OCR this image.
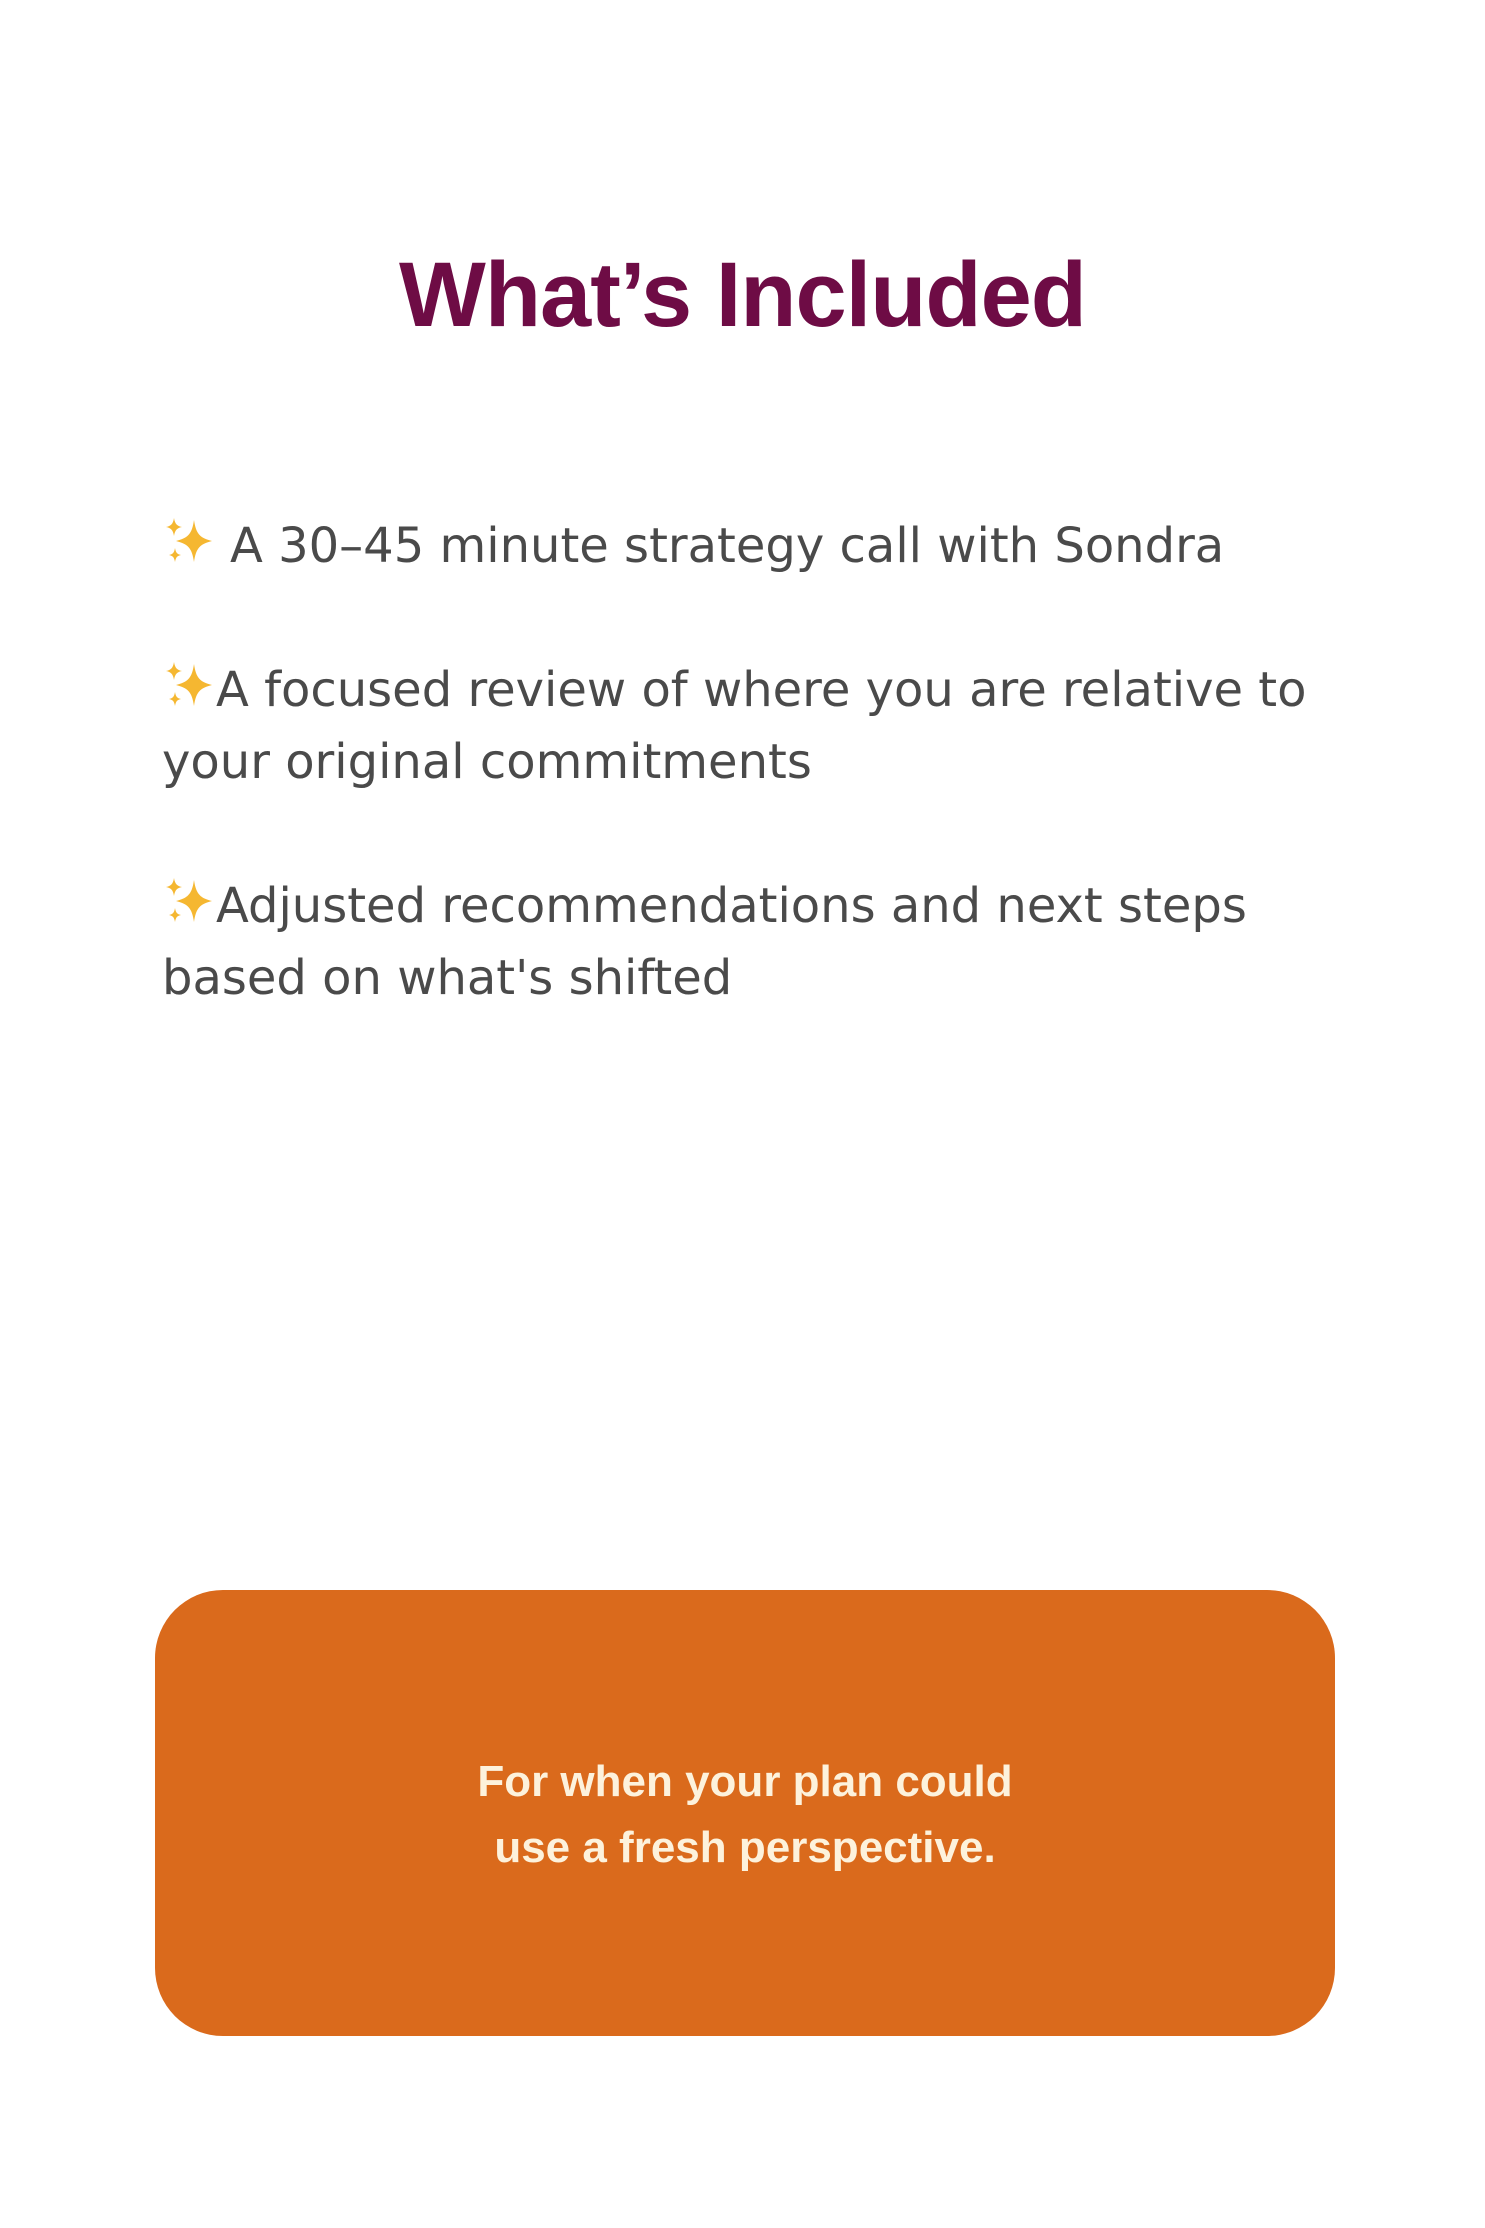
What’s Included
A 30–45 minute strategy call with Sondra
A focused review of where you are relative to your original commitments
Adjusted recommendations and next steps based on what's shifted
For when your plan could
use a fresh perspective.
